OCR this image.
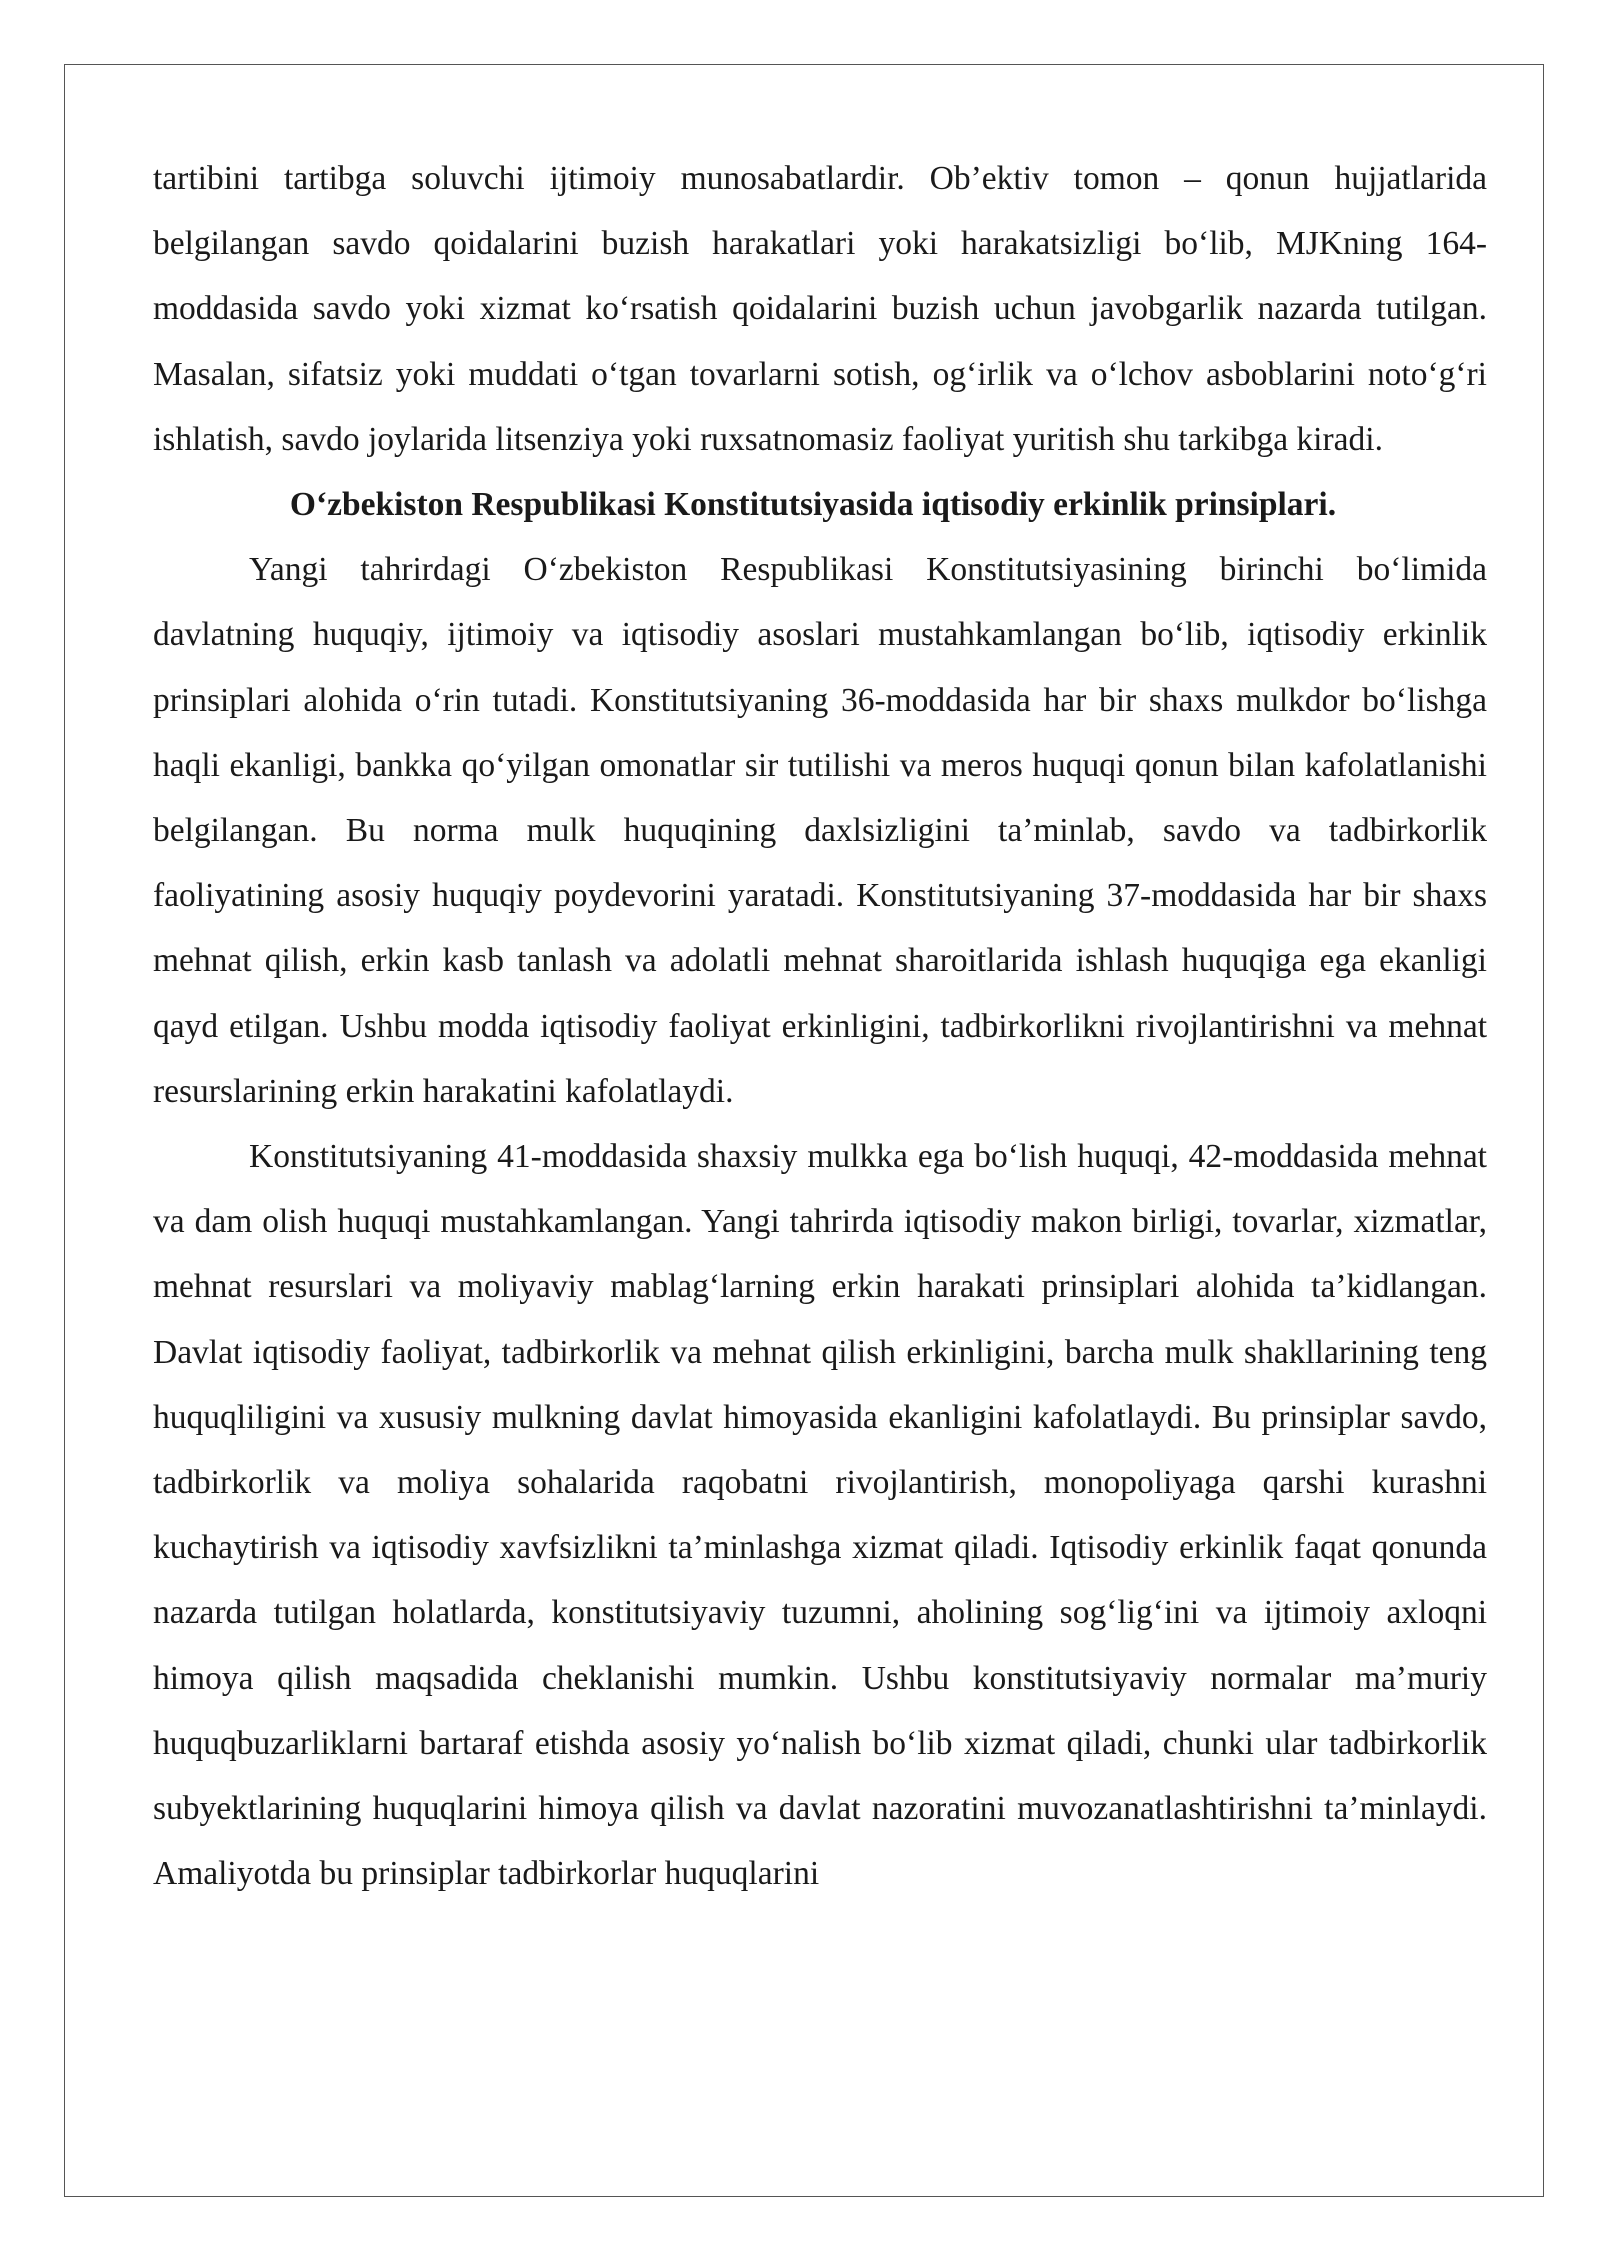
tartibini tartibga soluvchi ijtimoiy munosabatlardir. Ob’ektiv tomon – qonun hujjatlarida belgilangan savdo qoidalarini buzish harakatlari yoki harakatsizligi bo‘lib, MJKning 164-moddasida savdo yoki xizmat ko‘rsatish qoidalarini buzish uchun javobgarlik nazarda tutilgan. Masalan, sifatsiz yoki muddati o‘tgan tovarlarni sotish, og‘irlik va o‘lchov asboblarini noto‘g‘ri ishlatish, savdo joylarida litsenziya yoki ruxsatnomasiz faoliyat yuritish shu tarkibga kiradi.

O‘zbekiston Respublikasi Konstitutsiyasida iqtisodiy erkinlik prinsiplari.

Yangi tahrirdagi O‘zbekiston Respublikasi Konstitutsiyasining birinchi bo‘limida davlatning huquqiy, ijtimoiy va iqtisodiy asoslari mustahkamlangan bo‘lib, iqtisodiy erkinlik prinsiplari alohida o‘rin tutadi. Konstitutsiyaning 36-moddasida har bir shaxs mulkdor bo‘lishga haqli ekanligi, bankka qo‘yilgan omonatlar sir tutilishi va meros huquqi qonun bilan kafolatlanishi belgilangan. Bu norma mulk huquqining daxlsizligini ta’minlab, savdo va tadbirkorlik faoliyatining asosiy huquqiy poydevorini yaratadi. Konstitutsiyaning 37-moddasida har bir shaxs mehnat qilish, erkin kasb tanlash va adolatli mehnat sharoitlarida ishlash huquqiga ega ekanligi qayd etilgan. Ushbu modda iqtisodiy faoliyat erkinligini, tadbirkorlikni rivojlantirishni va mehnat resurslarining erkin harakatini kafolatlaydi.

Konstitutsiyaning 41-moddasida shaxsiy mulkka ega bo‘lish huquqi, 42-moddasida mehnat va dam olish huquqi mustahkamlangan. Yangi tahrirda iqtisodiy makon birligi, tovarlar, xizmatlar, mehnat resurslari va moliyaviy mablag‘larning erkin harakati prinsiplari alohida ta’kidlangan. Davlat iqtisodiy faoliyat, tadbirkorlik va mehnat qilish erkinligini, barcha mulk shakllarining teng huquqliligini va xususiy mulkning davlat himoyasida ekanligini kafolatlaydi. Bu prinsiplar savdo, tadbirkorlik va moliya sohalarida raqobatni rivojlantirish, monopoliyaga qarshi kurashni kuchaytirish va iqtisodiy xavfsizlikni ta’minlashga xizmat qiladi. Iqtisodiy erkinlik faqat qonunda nazarda tutilgan holatlarda, konstitutsiyaviy tuzumni, aholining sog‘lig‘ini va ijtimoiy axloqni himoya qilish maqsadida cheklanishi mumkin. Ushbu konstitutsiyaviy normalar ma’muriy huquqbuzarliklarni bartaraf etishda asosiy yo‘nalish bo‘lib xizmat qiladi, chunki ular tadbirkorlik subyektlarining huquqlarini himoya qilish va davlat nazoratini muvozanatlashtirishni ta’minlaydi. Amaliyotda bu prinsiplar tadbirkorlar huquqlarini
